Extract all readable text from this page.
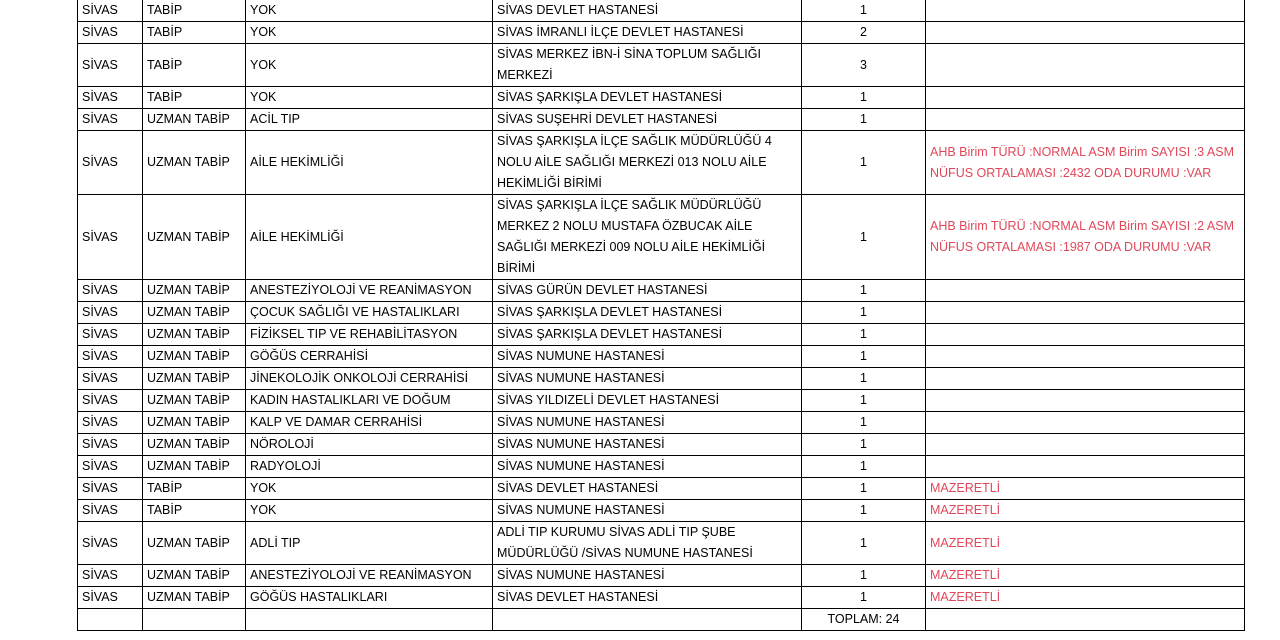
SİVAS	TABİP	YOK	SİVAS DEVLET HASTANESİ	1	
SİVAS	TABİP	YOK	SİVAS İMRANLI İLÇE DEVLET HASTANESİ	2	
SİVAS	TABİP	YOK	SİVAS MERKEZ İBN-İ SİNA TOPLUM SAĞLIĞI MERKEZİ	3	
SİVAS	TABİP	YOK	SİVAS ŞARKIŞLA DEVLET HASTANESİ	1	
SİVAS	UZMAN TABİP	ACİL TIP	SİVAS SUŞEHRİ DEVLET HASTANESİ	1	
SİVAS	UZMAN TABİP	AİLE HEKİMLİĞİ	SİVAS ŞARKIŞLA İLÇE SAĞLIK MÜDÜRLÜĞÜ 4 NOLU AİLE SAĞLIĞI MERKEZİ 013 NOLU AİLE HEKİMLİĞİ BİRİMİ	1	AHB Birim TÜRÜ :NORMAL ASM Birim SAYISI :3 ASM NÜFUS ORTALAMASI :2432 ODA DURUMU :VAR
SİVAS	UZMAN TABİP	AİLE HEKİMLİĞİ	SİVAS ŞARKIŞLA İLÇE SAĞLIK MÜDÜRLÜĞÜ MERKEZ 2 NOLU MUSTAFA ÖZBUCAK AİLE SAĞLIĞI MERKEZİ 009 NOLU AİLE HEKİMLİĞİ BİRİMİ	1	AHB Birim TÜRÜ :NORMAL ASM Birim SAYISI :2 ASM NÜFUS ORTALAMASI :1987 ODA DURUMU :VAR
SİVAS	UZMAN TABİP	ANESTEZİYOLOJİ VE REANİMASYON	SİVAS GÜRÜN DEVLET HASTANESİ	1	
SİVAS	UZMAN TABİP	ÇOCUK SAĞLIĞI VE HASTALIKLARI	SİVAS ŞARKIŞLA DEVLET HASTANESİ	1	
SİVAS	UZMAN TABİP	FİZİKSEL TIP VE REHABİLİTASYON	SİVAS ŞARKIŞLA DEVLET HASTANESİ	1	
SİVAS	UZMAN TABİP	GÖĞÜS CERRAHİSİ	SİVAS NUMUNE HASTANESİ	1	
SİVAS	UZMAN TABİP	JİNEKOLOJİK ONKOLOJİ CERRAHİSİ	SİVAS NUMUNE HASTANESİ	1	
SİVAS	UZMAN TABİP	KADIN HASTALIKLARI VE DOĞUM	SİVAS YILDIZELİ DEVLET HASTANESİ	1	
SİVAS	UZMAN TABİP	KALP VE DAMAR CERRAHİSİ	SİVAS NUMUNE HASTANESİ	1	
SİVAS	UZMAN TABİP	NÖROLOJİ	SİVAS NUMUNE HASTANESİ	1	
SİVAS	UZMAN TABİP	RADYOLOJİ	SİVAS NUMUNE HASTANESİ	1	
SİVAS	TABİP	YOK	SİVAS DEVLET HASTANESİ	1	MAZERETLİ
SİVAS	TABİP	YOK	SİVAS NUMUNE HASTANESİ	1	MAZERETLİ
SİVAS	UZMAN TABİP	ADLİ TIP	ADLİ TIP KURUMU SİVAS ADLİ TIP ŞUBE MÜDÜRLÜĞÜ /SİVAS NUMUNE HASTANESİ	1	MAZERETLİ
SİVAS	UZMAN TABİP	ANESTEZİYOLOJİ VE REANİMASYON	SİVAS NUMUNE HASTANESİ	1	MAZERETLİ
SİVAS	UZMAN TABİP	GÖĞÜS HASTALIKLARI	SİVAS DEVLET HASTANESİ	1	MAZERETLİ
				TOPLAM: 24	
